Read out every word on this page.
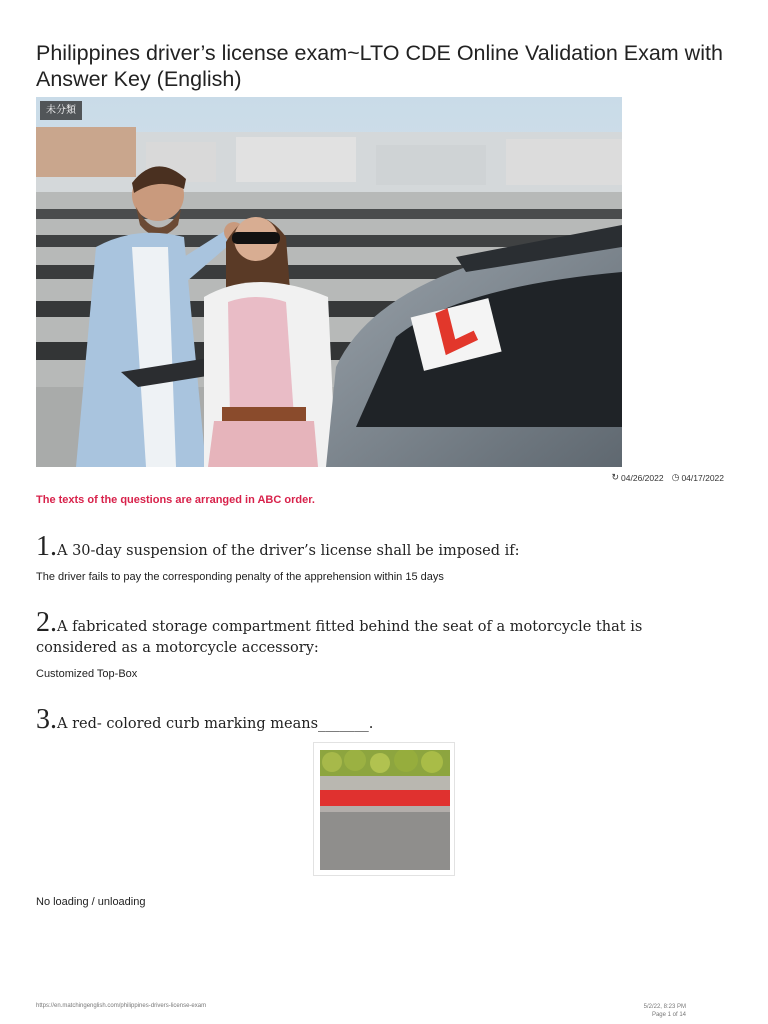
Philippines driver’s license exam~LTO CDE Online Validation Exam with Answer Key (English)
未分類
↻ 04/26/2022 ◷ 04/17/2022

The texts of the questions are arranged in ABC order.

1.A 30-day suspension of the driver’s license shall be imposed if:

The driver fails to pay the corresponding penalty of the apprehension within 15 days

2.A fabricated storage compartment fitted behind the seat of a motorcycle that is considered as a motorcycle accessory:

Customized Top-Box

3.A red- colored curb marking means_______.

No loading / unloading

https://en.matchingenglish.com/philippines-drivers-license-exam	5/2/22, 8:23 PM
Page 1 of 14
